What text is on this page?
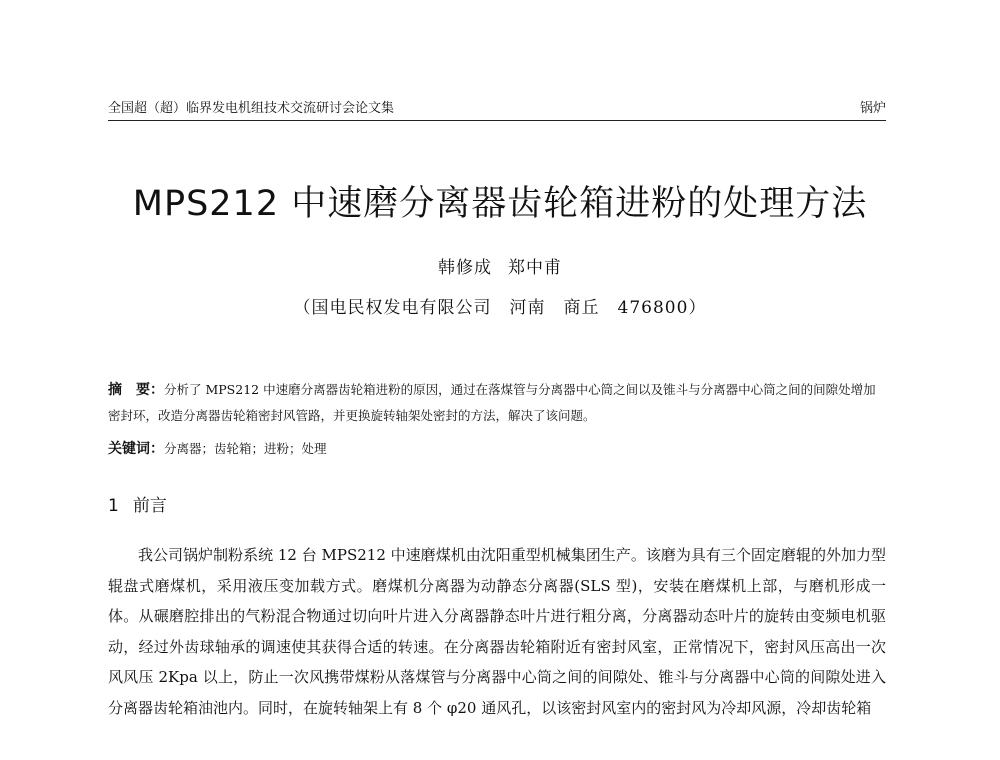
全国超（超）临界发电机组技术交流研讨会论文集	锅炉
MPS212 中速磨分离器齿轮箱进粉的处理方法
韩修成 郑中甫
（国电民权发电有限公司　河南　商丘　476800）
摘　要：分析了 MPS212 中速磨分离器齿轮箱进粉的原因，通过在落煤管与分离器中心筒之间以及锥斗与分离器中心筒之间的间隙处增加密封环，改造分离器齿轮箱密封风管路，并更换旋转轴架处密封的方法，解决了该问题。
关键词：分离器；齿轮箱；进粉；处理
1 前言
我公司锅炉制粉系统 12 台 MPS212 中速磨煤机由沈阳重型机械集团生产。该磨为具有三个固定磨辊的外加力型辊盘式磨煤机，采用液压变加载方式。磨煤机分离器为动静态分离器(SLS 型)，安装在磨煤机上部，与磨机形成一体。从碾磨腔排出的气粉混合物通过切向叶片进入分离器静态叶片进行粗分离，分离器动态叶片的旋转由变频电机驱动，经过外齿球轴承的调速使其获得合适的转速。在分离器齿轮箱附近有密封风室，正常情况下，密封风压高出一次风风压 2Kpa 以上，防止一次风携带煤粉从落煤管与分离器中心筒之间的间隙处、锥斗与分离器中心筒的间隙处进入分离器齿轮箱油池内。同时，在旋转轴架上有 8 个 φ20 通风孔，以该密封风室内的密封风为冷却风源，冷却齿轮箱
